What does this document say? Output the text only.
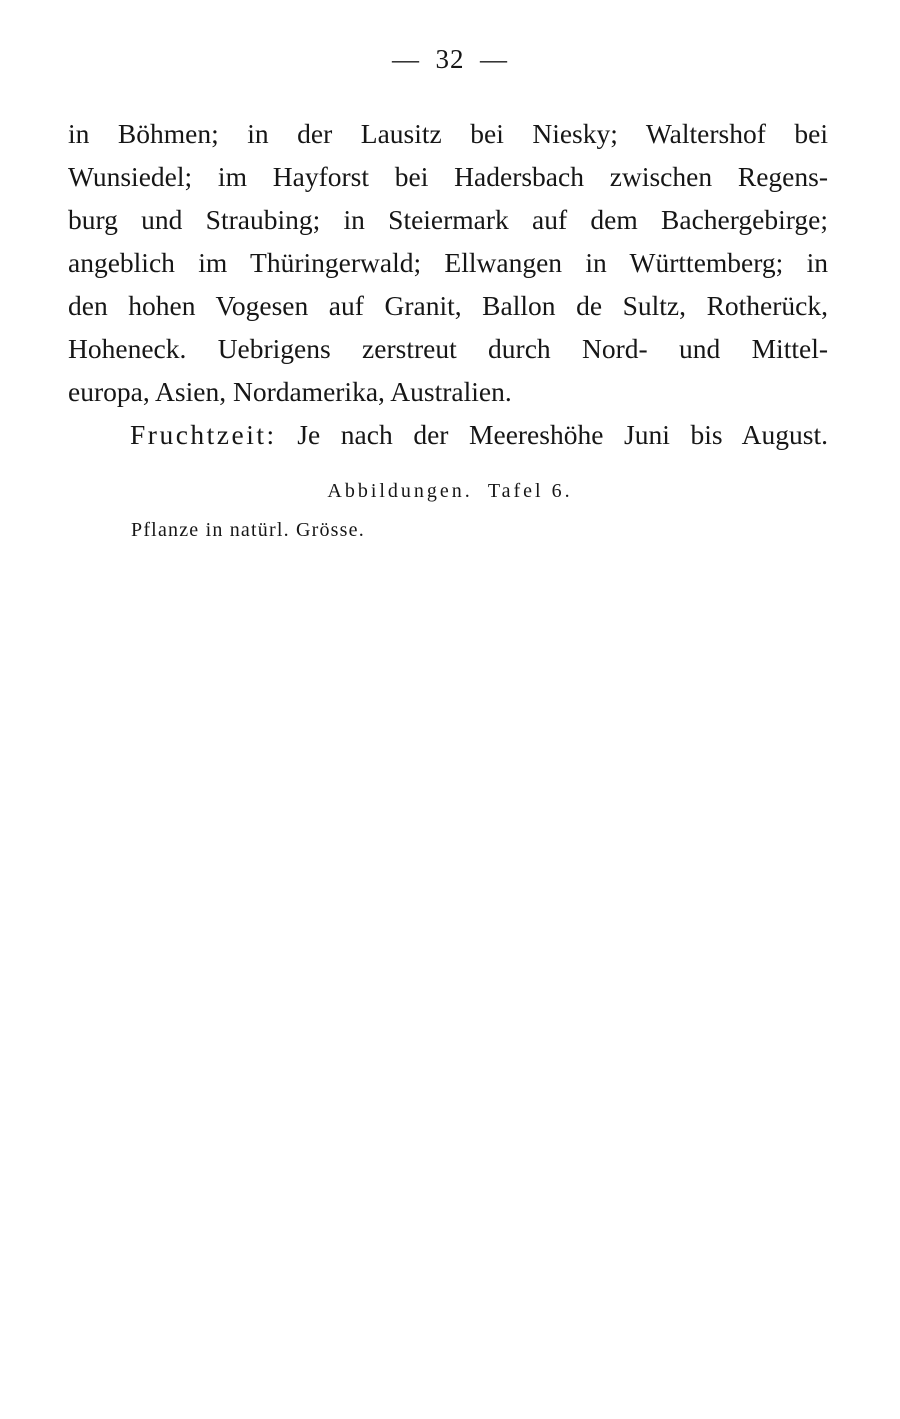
—  32  —
in Böhmen; in der Lausitz bei Niesky; Waltershof bei
Wunsiedel; im Hayforst bei Hadersbach zwischen Regens-
burg und Straubing; in Steiermark auf dem Bachergebirge;
angeblich im Thüringerwald; Ellwangen in Württemberg; in
den hohen Vogesen auf Granit, Ballon de Sultz, Rotherück,
Hoheneck. Uebrigens zerstreut durch Nord- und Mittel-
europa, Asien, Nordamerika, Australien.
Fruchtzeit: Je nach der Meereshöhe Juni bis August.
Abbildungen. Tafel 6.
Pflanze in natürl. Grösse.
